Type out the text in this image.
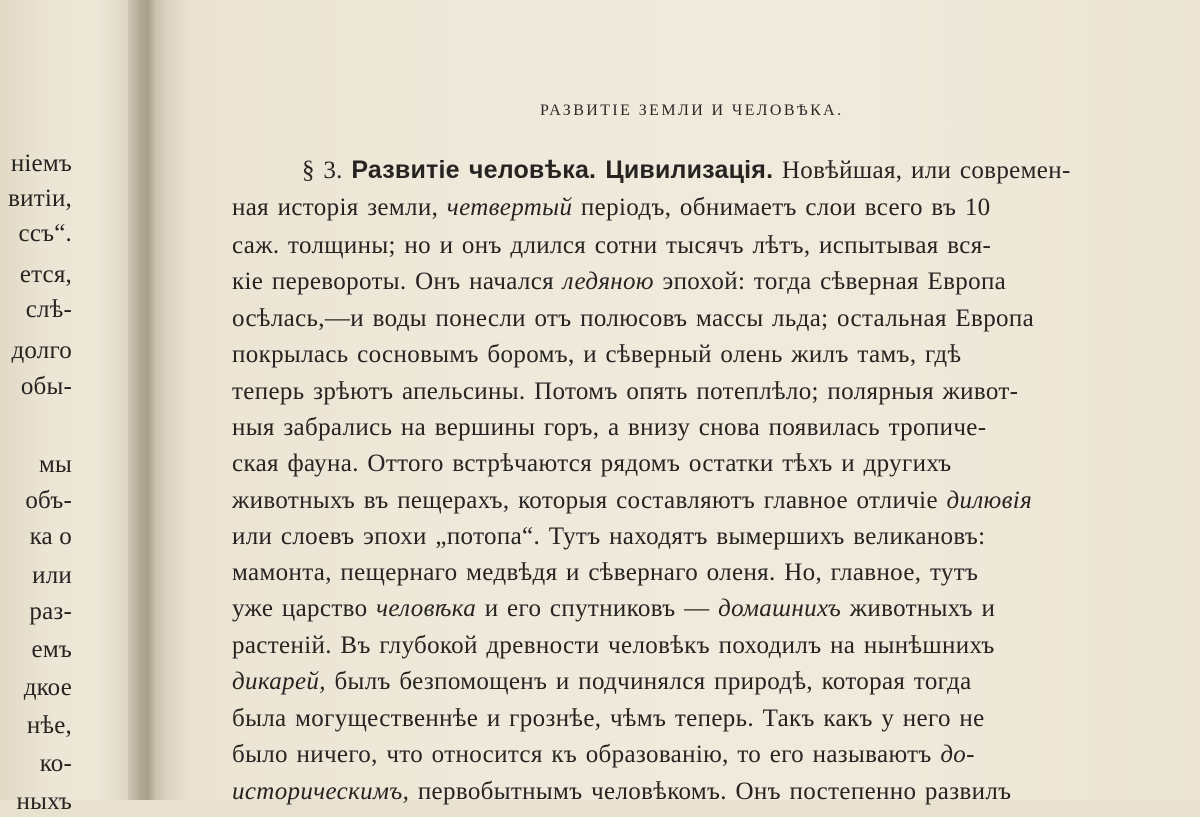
нiемъ
витiи,
ссъ“.
ется,
слѣ-
долго
обы-
мы
объ-
ка о
или
раз-
емъ
дкое
нѣе,
ко-
ныхъ
РАЗВИТIЕ ЗЕМЛИ И ЧЕЛОВѢКА.
§ 3. Развитiе человѣка. Цивилизацiя. Новѣйшая, или современ-
ная исторiя земли, четвертый перiодъ, обнимаетъ слои всего въ 10
саж. толщины; но и онъ длился сотни тысячъ лѣтъ, испытывая вся-
кiе перевороты. Онъ начался ледяною эпохой: тогда сѣверная Европа
осѣлась,—и воды понесли отъ полюсовъ массы льда; остальная Европа
покрылась сосновымъ боромъ, и сѣверный олень жилъ тамъ, гдѣ
теперь зрѣютъ апельсины. Потомъ опять потеплѣло; полярныя живот-
ныя забрались на вершины горъ, а внизу снова появилась тропиче-
ская фауна. Оттого встрѣчаются рядомъ остатки тѣхъ и другихъ
животныхъ въ пещерахъ, которыя составляютъ главное отличiе дилювiя
или слоевъ эпохи „потопа“. Тутъ находятъ вымершихъ великановъ:
мамонта, пещернаго медвѣдя и сѣвернаго оленя. Но, главное, тутъ
уже царство человѣка и его спутниковъ — домашнихъ животныхъ и
растенiй. Въ глубокой древности человѣкъ походилъ на нынѣшнихъ
дикарей, былъ безпомощенъ и подчинялся природѣ, которая тогда
была могущественнѣе и грознѣе, чѣмъ теперь. Такъ какъ у него не
было ничего, что относится къ образованiю, то его называютъ до-
историческимъ, первобытнымъ человѣкомъ. Онъ постепенно развилъ
